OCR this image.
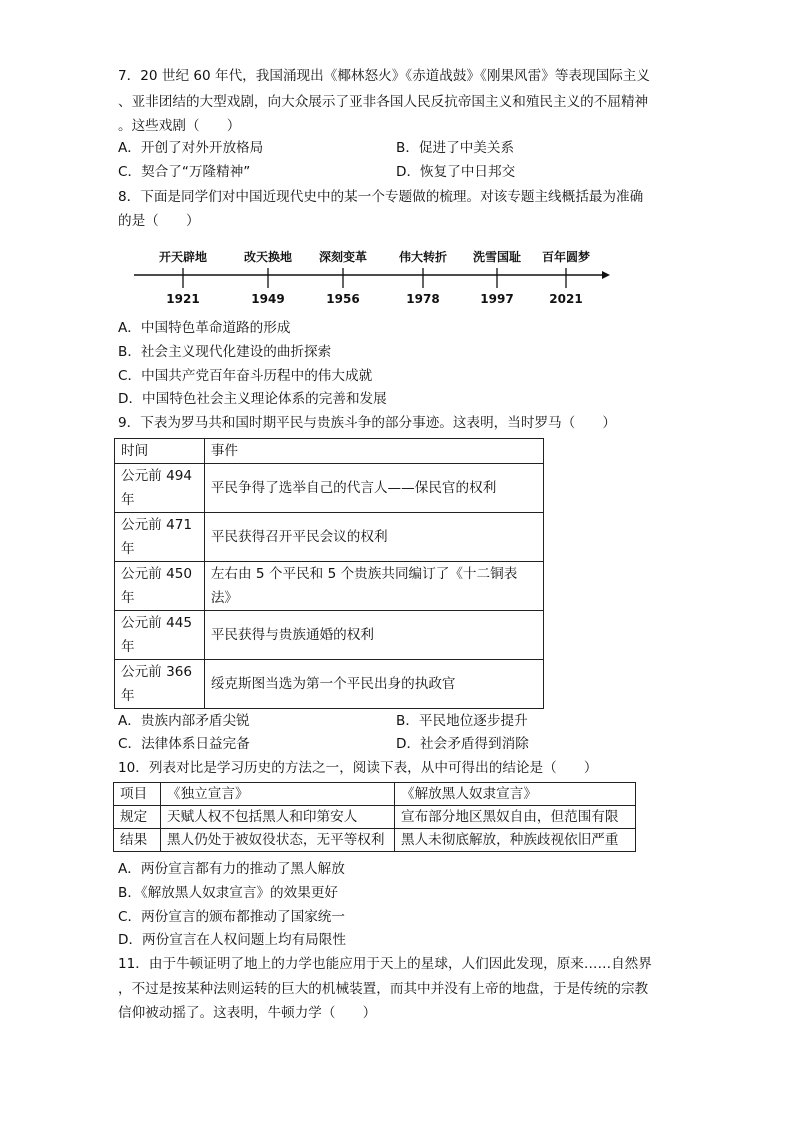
7．20 世纪 60 年代，我国涌现出《椰林怒火》《赤道战鼓》《刚果风雷》等表现国际主义
、亚非团结的大型戏剧，向大众展示了亚非各国人民反抗帝国主义和殖民主义的不屈精神
。这些戏剧（　　）
A．开创了对外开放格局	B．促进了中美关系
C．契合了“万隆精神”	D．恢复了中日邦交
8．下面是同学们对中国近现代史中的某一个专题做的梳理。对该专题主线概括最为准确
的是（　　）
开天辟地	改天换地 深刻变革	伟大转折 洗雪国耻 百年圆梦
1921	1949	1956	1978	1997	2021
A．中国特色革命道路的形成
B．社会主义现代化建设的曲折探索
C．中国共产党百年奋斗历程中的伟大成就
D．中国特色社会主义理论体系的完善和发展
9．下表为罗马共和国时期平民与贵族斗争的部分事迹。这表明，当时罗马（　　）
时间	事件
公元前 494 年	平民争得了选举自己的代言人——保民官的权利
公元前 471 年	平民获得召开平民会议的权利
公元前 450 年	左右由 5 个平民和 5 个贵族共同编订了《十二铜表法》
公元前 445 年	平民获得与贵族通婚的权利
公元前 366 年	绥克斯图当选为第一个平民出身的执政官
A．贵族内部矛盾尖锐	B．平民地位逐步提升
C．法律体系日益完备	D．社会矛盾得到消除
10．列表对比是学习历史的方法之一，阅读下表，从中可得出的结论是（　　）
项目	《独立宣言》	《解放黑人奴隶宣言》
规定	天赋人权不包括黑人和印第安人	宣布部分地区黑奴自由，但范围有限
结果	黑人仍处于被奴役状态，无平等权利	黑人未彻底解放，种族歧视依旧严重
A．两份宣言都有力的推动了黑人解放
B．《解放黑人奴隶宣言》的效果更好
C．两份宣言的颁布都推动了国家统一
D．两份宣言在人权问题上均有局限性
11．由于牛顿证明了地上的力学也能应用于天上的星球，人们因此发现，原来……自然界
，不过是按某种法则运转的巨大的机械装置，而其中并没有上帝的地盘，于是传统的宗教
信仰被动摇了。这表明，牛顿力学（　　）
